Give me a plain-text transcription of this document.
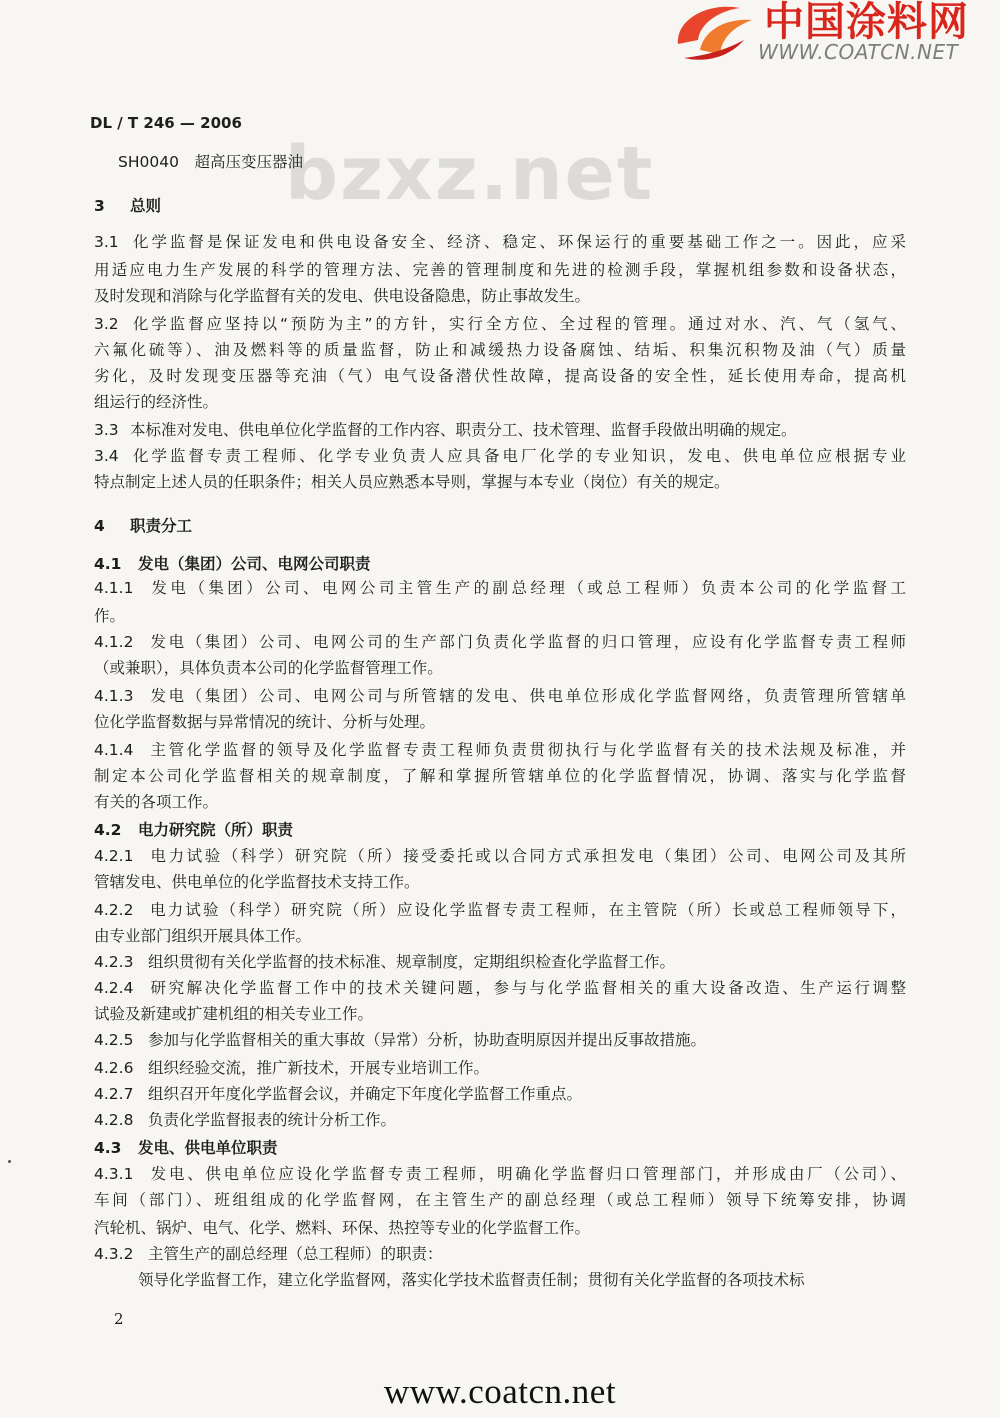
中国涂料网
WWW.COATCN.NET
DL / T 246 — 2006
bzxz.net
SH0040　超高压变压器油
3 总则
3.1 化学监督是保证发电和供电设备安全、经济、稳定、环保运行的重要基础工作之一。因此，应采
用适应电力生产发展的科学的管理方法、完善的管理制度和先进的检测手段，掌握机组参数和设备状态，
及时发现和消除与化学监督有关的发电、供电设备隐患，防止事故发生。
3.2 化学监督应坚持以“预防为主”的方针，实行全方位、全过程的管理。通过对水、汽、气（氢气、
六氟化硫等）、油及燃料等的质量监督，防止和减缓热力设备腐蚀、结垢、积集沉积物及油（气）质量
劣化，及时发现变压器等充油（气）电气设备潜伏性故障，提高设备的安全性，延长使用寿命，提高机
组运行的经济性。
3.3 本标准对发电、供电单位化学监督的工作内容、职责分工、技术管理、监督手段做出明确的规定。
3.4 化学监督专责工程师、化学专业负责人应具备电厂化学的专业知识，发电、供电单位应根据专业
特点制定上述人员的任职条件；相关人员应熟悉本导则，掌握与本专业（岗位）有关的规定。
4 职责分工
4.1 发电（集团）公司、电网公司职责
4.1.1 发电（集团）公司、电网公司主管生产的副总经理（或总工程师）负责本公司的化学监督工
作。
4.1.2 发电（集团）公司、电网公司的生产部门负责化学监督的归口管理，应设有化学监督专责工程师
（或兼职），具体负责本公司的化学监督管理工作。
4.1.3 发电（集团）公司、电网公司与所管辖的发电、供电单位形成化学监督网络，负责管理所管辖单
位化学监督数据与异常情况的统计、分析与处理。
4.1.4 主管化学监督的领导及化学监督专责工程师负责贯彻执行与化学监督有关的技术法规及标准，并
制定本公司化学监督相关的规章制度，了解和掌握所管辖单位的化学监督情况，协调、落实与化学监督
有关的各项工作。
4.2 电力研究院（所）职责
4.2.1 电力试验（科学）研究院（所）接受委托或以合同方式承担发电（集团）公司、电网公司及其所
管辖发电、供电单位的化学监督技术支持工作。
4.2.2 电力试验（科学）研究院（所）应设化学监督专责工程师，在主管院（所）长或总工程师领导下，
由专业部门组织开展具体工作。
4.2.3 组织贯彻有关化学监督的技术标准、规章制度，定期组织检查化学监督工作。
4.2.4 研究解决化学监督工作中的技术关键问题，参与与化学监督相关的重大设备改造、生产运行调整
试验及新建或扩建机组的相关专业工作。
4.2.5 参加与化学监督相关的重大事故（异常）分析，协助查明原因并提出反事故措施。
4.2.6 组织经验交流，推广新技术，开展专业培训工作。
4.2.7 组织召开年度化学监督会议，并确定下年度化学监督工作重点。
4.2.8 负责化学监督报表的统计分析工作。
4.3 发电、供电单位职责
4.3.1 发电、供电单位应设化学监督专责工程师，明确化学监督归口管理部门，并形成由厂（公司）、
车间（部门）、班组组成的化学监督网，在主管生产的副总经理（或总工程师）领导下统筹安排，协调
汽轮机、锅炉、电气、化学、燃料、环保、热控等专业的化学监督工作。
4.3.2 主管生产的副总经理（总工程师）的职责：
领导化学监督工作，建立化学监督网，落实化学技术监督责任制；贯彻有关化学监督的各项技术标
2
www.coatcn.net
